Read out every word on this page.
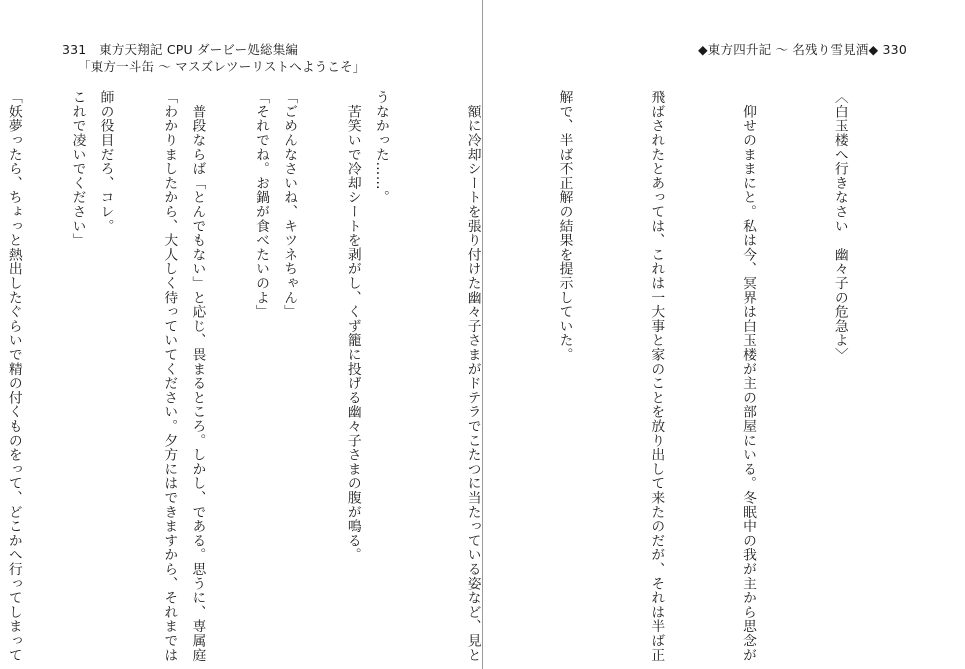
331　東方天翔記 CPU ダービー処総集編
「東方一斗缶 ～ マスズレツーリストへようこそ」

　苦笑いで冷却シートを剥がし、くず籠に投げる幽々子さまの腹が鳴る。

「それでね。お鍋が食べたいのよ」

「わかりましたから、大人しく待っていてください。夕方にはできますから、それまでは

これで凌いでください」

◆東方四升記 ～ 名残り雪見酒◆ 330

〈白玉楼へ行きなさい　幽々子の危急よ〉

　仰せのままにと。私は今、冥界は白玉楼が主の部屋にいる。冬眠中の我が主から思念が

飛ばされたとあっては、これは一大事と家のことを放り出して来たのだが、それは半ば正

解で、半ば不正解の結果を提示していた。

　額に冷却シートを張り付けた幽々子さまがドテラでこたつに当たっている姿など、見と

うなかった……。

「ごめんなさいね、キツネちゃん」

　普段ならば「とんでもない」と応じ、畏まるところ。しかし、である。思うに、専属庭

師の役目だろ、コレ。

「妖夢ったら、ちょっと熱出したぐらいで精の付くものをって、どこかへ行ってしまって
